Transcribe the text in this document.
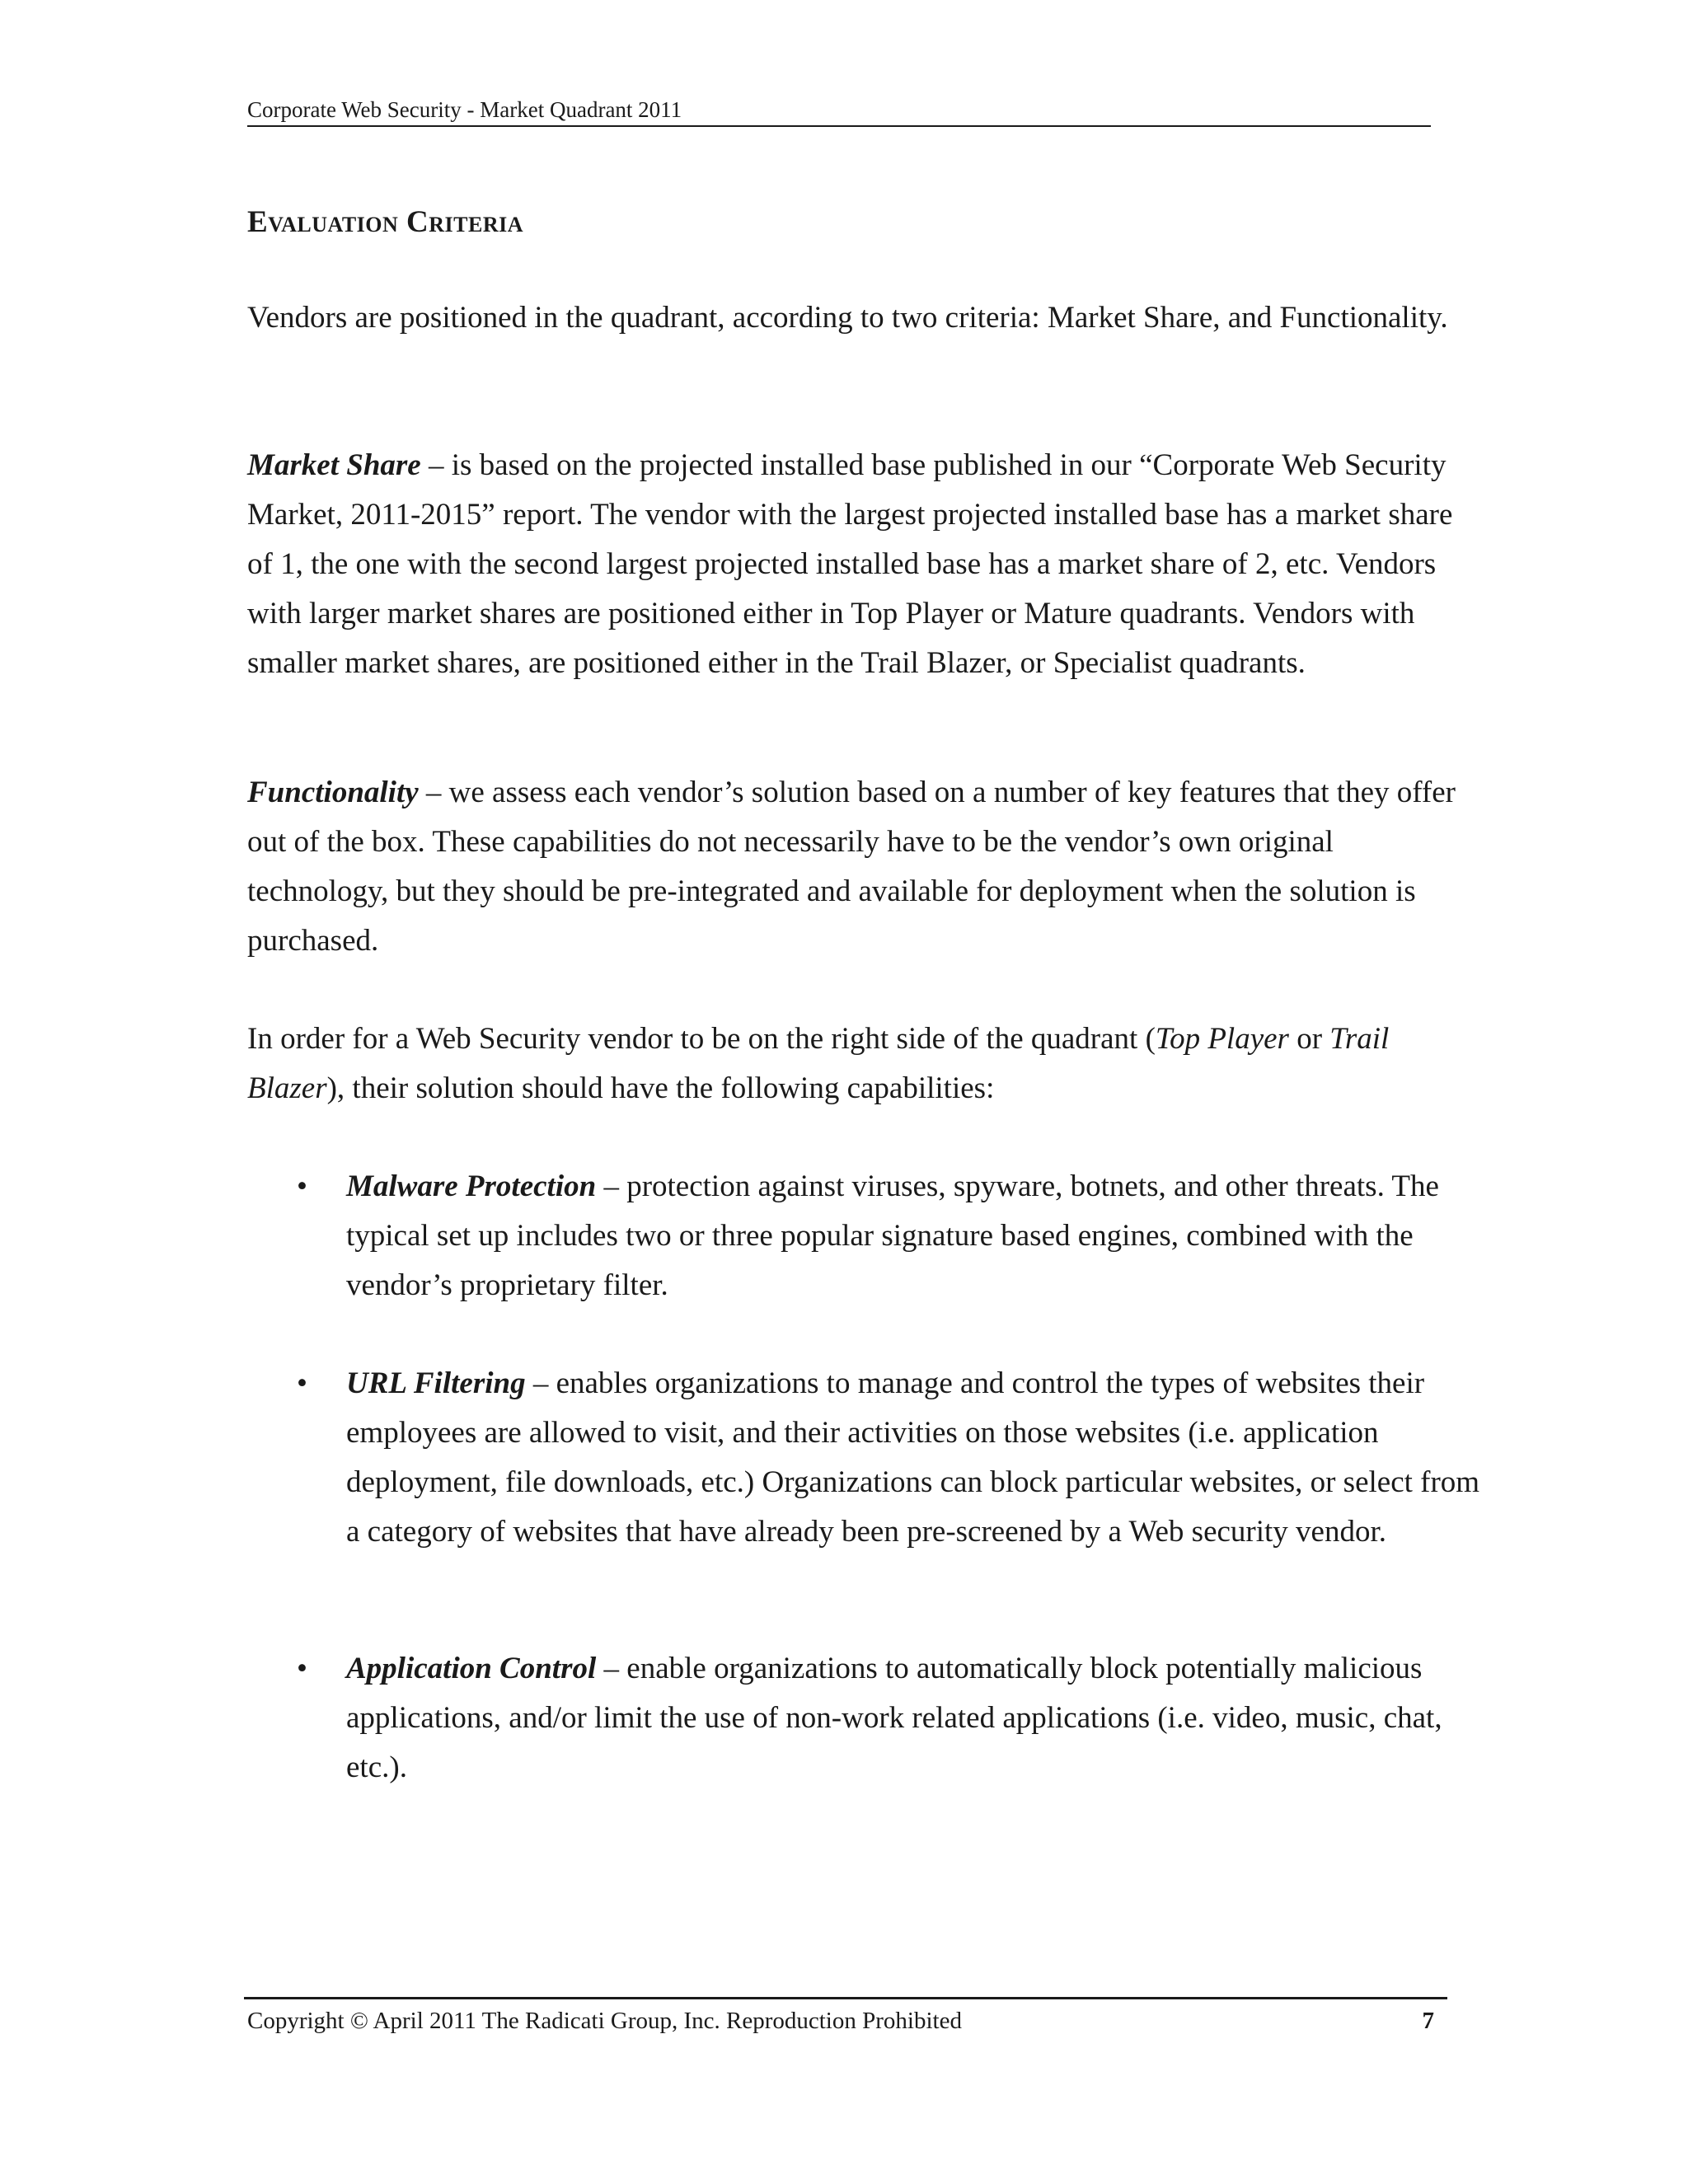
Corporate Web Security - Market Quadrant 2011
Evaluation Criteria

Vendors are positioned in the quadrant, according to two criteria: Market Share, and Functionality.

Market Share – is based on the projected installed base published in our “Corporate Web Security Market, 2011-2015” report. The vendor with the largest projected installed base has a market share of 1, the one with the second largest projected installed base has a market share of 2, etc. Vendors with larger market shares are positioned either in Top Player or Mature quadrants. Vendors with smaller market shares, are positioned either in the Trail Blazer, or Specialist quadrants.

Functionality – we assess each vendor’s solution based on a number of key features that they offer out of the box. These capabilities do not necessarily have to be the vendor’s own original technology, but they should be pre-integrated and available for deployment when the solution is purchased.

In order for a Web Security vendor to be on the right side of the quadrant (Top Player or Trail Blazer), their solution should have the following capabilities:

• Malware Protection – protection against viruses, spyware, botnets, and other threats. The typical set up includes two or three popular signature based engines, combined with the vendor’s proprietary filter.

• URL Filtering – enables organizations to manage and control the types of websites their employees are allowed to visit, and their activities on those websites (i.e. application deployment, file downloads, etc.) Organizations can block particular websites, or select from a category of websites that have already been pre-screened by a Web security vendor.

• Application Control – enable organizations to automatically block potentially malicious applications, and/or limit the use of non-work related applications (i.e. video, music, chat, etc.).

Copyright © April 2011 The Radicati Group, Inc. Reproduction Prohibited	7
